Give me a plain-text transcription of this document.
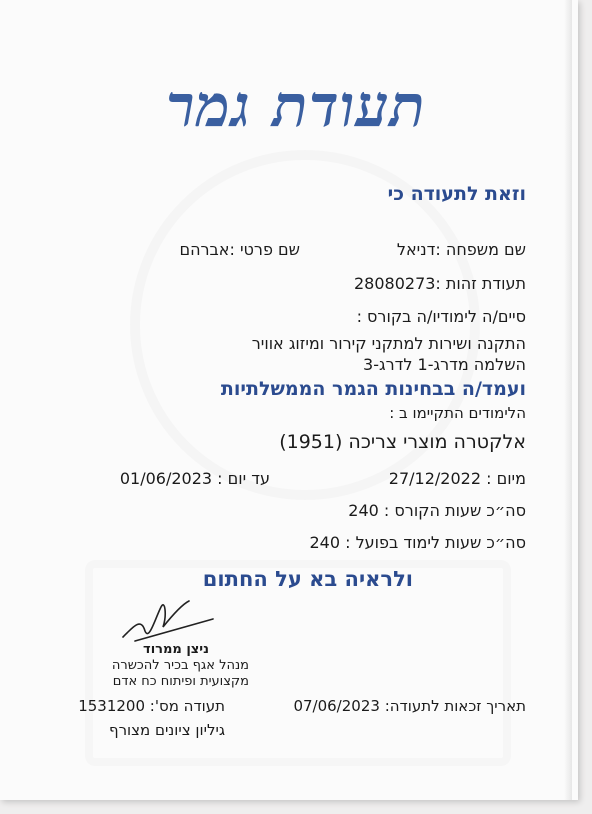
תעודת גמר
וזאת לתעודה כי
שם משפחה :דניאל
שם פרטי :אברהם
תעודת זהות :28080273
סיים/ה לימודיו/ה בקורס :
התקנה ושירות למתקני קירור ומיזוג אוויר
השלמה מדרג-1 לדרג-3
ועמד/ה בבחינות הגמר הממשלתיות
הלימודים התקיימו ב :
אלקטרה מוצרי צריכה (1951)
מיום : 27/12/2022
עד יום : 01/06/2023
סה״כ שעות הקורס : 240
סה״כ שעות לימוד בפועל : 240
ולראיה בא על החתום
ניצן ממרוד
מנהל אגף בכיר להכשרה
מקצועית ופיתוח כח אדם
תאריך זכאות לתעודה: 07/06/2023
תעודה מס': 1531200
גיליון ציונים מצורף
